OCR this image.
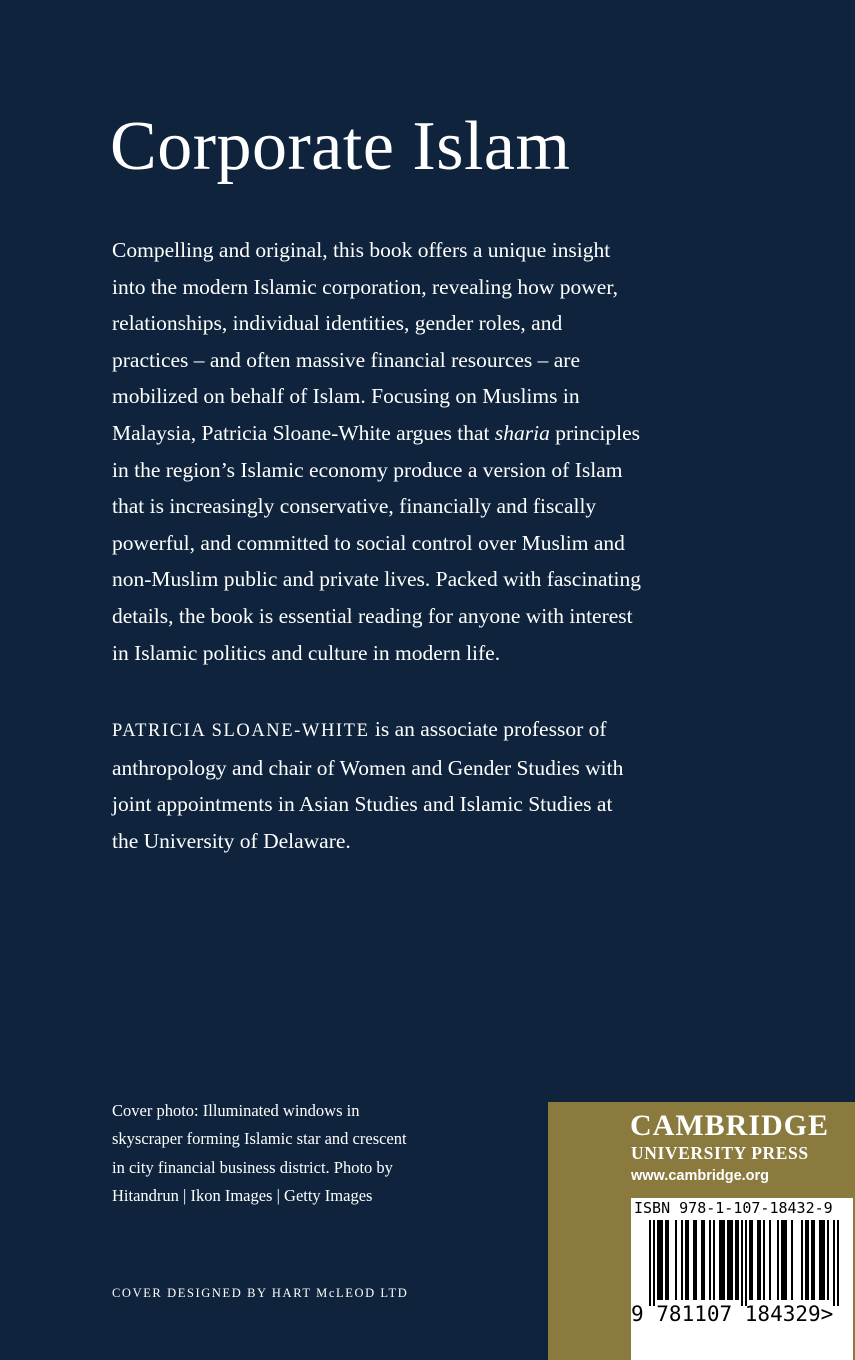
Corporate Islam

Compelling and original, this book offers a unique insight
into the modern Islamic corporation, revealing how power,
relationships, individual identities, gender roles, and
practices – and often massive financial resources – are
mobilized on behalf of Islam. Focusing on Muslims in
Malaysia, Patricia Sloane-White argues that sharia principles
in the region’s Islamic economy produce a version of Islam
that is increasingly conservative, financially and fiscally
powerful, and committed to social control over Muslim and
non-Muslim public and private lives. Packed with fascinating
details, the book is essential reading for anyone with interest
in Islamic politics and culture in modern life.

PATRICIA SLOANE-WHITE is an associate professor of
anthropology and chair of Women and Gender Studies with
joint appointments in Asian Studies and Islamic Studies at
the University of Delaware.

Cover photo: Illuminated windows in
skyscraper forming Islamic star and crescent
in city financial business district. Photo by
Hitandrun | Ikon Images | Getty Images

COVER DESIGNED BY HART McLEOD LTD
CAMBRIDGE
UNIVERSITY PRESS
www.cambridge.org
ISBN 978-1-107-18432-9
9 781107 184329>
